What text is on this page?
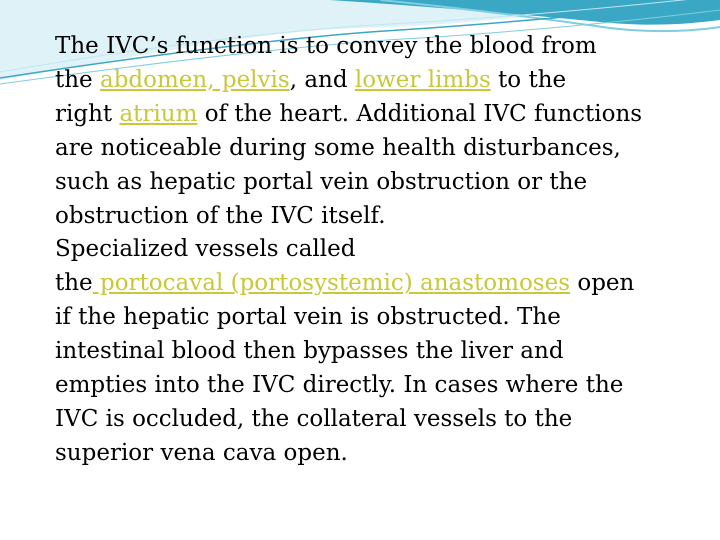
The IVC’s function is to convey the blood from
the abdomen, pelvis, and lower limbs to the
right atrium of the heart. Additional IVC functions
are noticeable during some health disturbances,
such as hepatic portal vein obstruction or the
obstruction of the IVC itself.
Specialized vessels called
the portocaval (portosystemic) anastomoses open
if the hepatic portal vein is obstructed. The
intestinal blood then bypasses the liver and
empties into the IVC directly. In cases where the
IVC is occluded, the collateral vessels to the
superior vena cava open.
